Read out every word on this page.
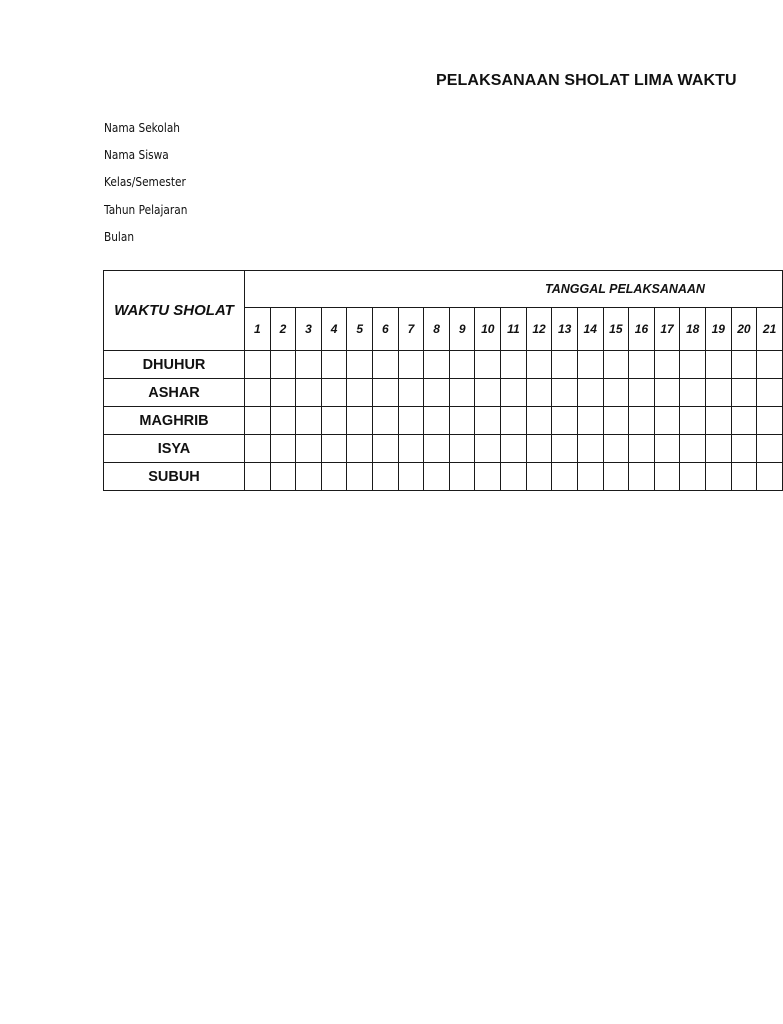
PELAKSANAAN SHOLAT LIMA WAKTU
Nama Sekolah
Nama Siswa
Kelas/Semester
Tahun Pelajaran
Bulan
WAKTU SHOLAT	TANGGAL PELAKSANAAN																				
	1	2	3	4	5	6	7	8	9	10	11	12	13	14	15	16	17	18	19	20	21
DHUHUR																					
ASHAR																					
MAGHRIB																					
ISYA																					
SUBUH																					
